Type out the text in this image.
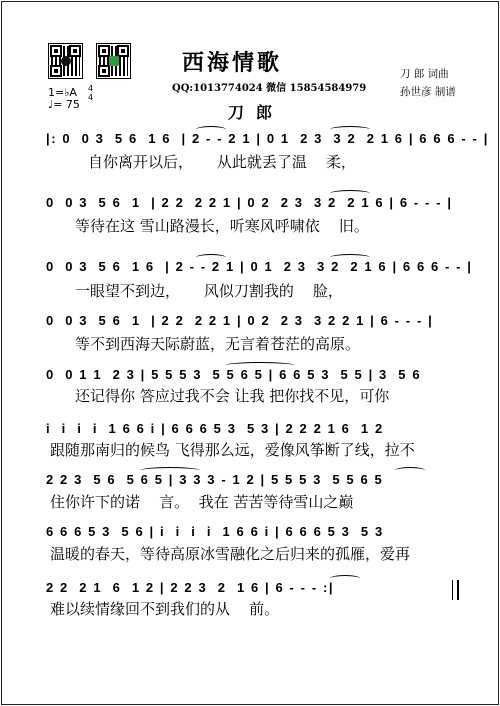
西海情歌
QQ:1013774024 微信 15854584979
刀 郎 词曲
孙世彦 制谱
1=♭A 4
4
♩= 75	刀郎
|: 0  0 3  5 6  1 6  | 2 - - 2 1 | 0 1  2 3  3 2  2 1 6 | 6 6 6 - - |
自你离开以后，     从此就丢了温    柔，
0  0 3  5 6  1  | 2 2  2 2 1 | 0 2  2 3  3 2  2 1 6 | 6 - - - |
等待在这 雪山路漫长，听寒风呼啸依    旧。
0  0 3  5 6  1 6  | 2 - - 2 1 | 0 1  2 3  3 2  2 1 6 | 6 6 6 - - |
一眼望不到边，     风似刀割我的    脸，
0  0 3  5 6  1  | 2 2  2 2 1 | 0 2  2 3  3 2 2 1 | 6 - - - |
等不到西海天际蔚蓝，无言着苍茫的高原。
0  0 1 1  2 3 | 5 5 5 3  5 5 6 5 | 6 6 5 3  5 5 | 3  5 6
还记得你 答应过我不会 让我 把你找不见，可你
i  i  i  i  1 6 6 i | 6 6 6 5 3  5 3 | 2 2 2 1 6  1 2
跟随那南归的候鸟 飞得那么远，爱像风筝断了线，拉不
2 2 3  5 6  5 6 5 | 3 3 3 - 1 2 | 5 5 5 3  5 5 6 5
住你许下的诺    言。  我在 苦苦等待雪山之巅
6 6 6 5 3  5 6 | i  i  i  i  1 6 6 i | 6 6 6 5 3  5 3
温暖的春天，等待高原冰雪融化之后归来的孤雁，爱再
2 2  2 1  6  1 2 | 2 2 3  2  1 6 | 6 - - - :|
难以续情缘回不到我们的从    前。
